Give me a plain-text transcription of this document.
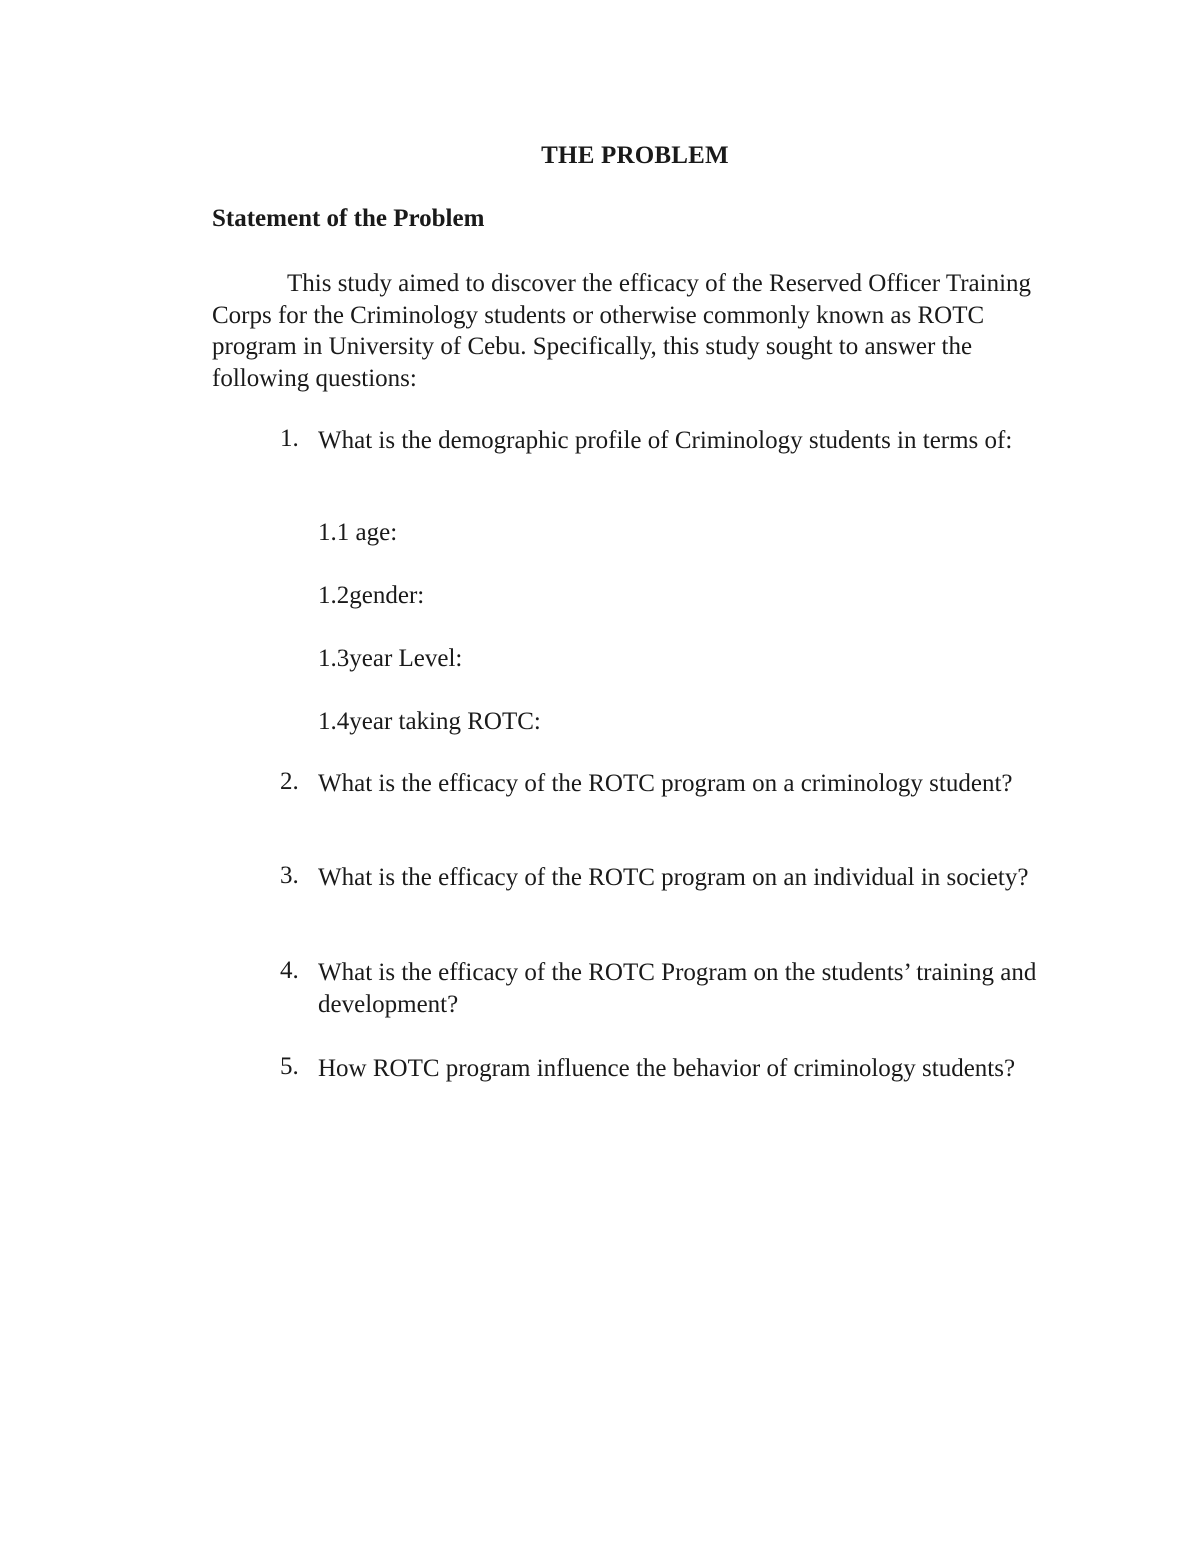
THE PROBLEM
Statement of the Problem

This study aimed to discover the efficacy of the Reserved Officer Training Corps for the Criminology students or otherwise commonly known as ROTC program in University of Cebu. Specifically, this study sought to answer the following questions:

1. What is the demographic profile of Criminology students in terms of:
1.1 age:
1.2gender:
1.3year Level:
1.4year taking ROTC:
2. What is the efficacy of the ROTC program on a criminology student?
3. What is the efficacy of the ROTC program on an individual in society?
4. What is the efficacy of the ROTC Program on the students’ training and development?
5. How ROTC program influence the behavior of criminology students?
